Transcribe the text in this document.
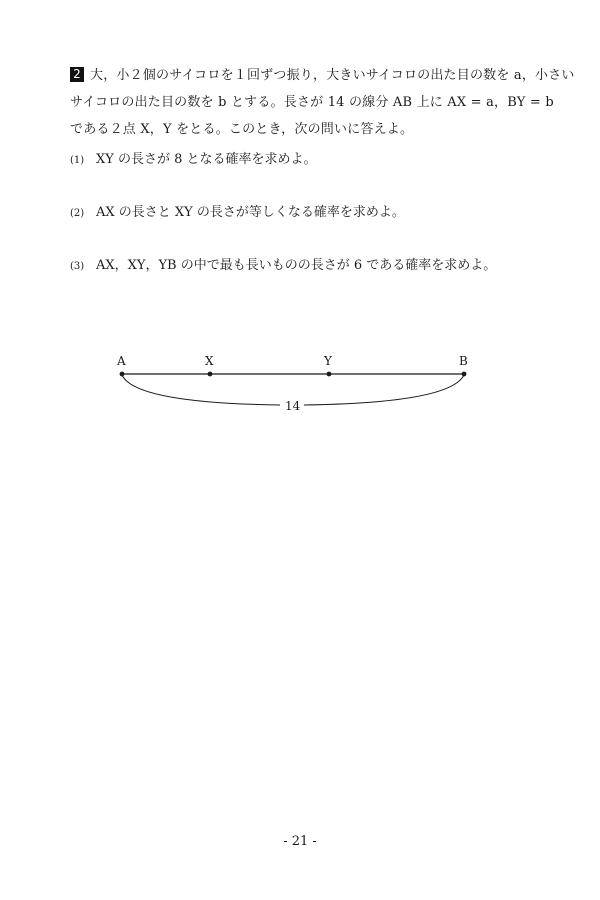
2 大，小２個のサイコロを１回ずつ振り，大きいサイコロの出た目の数を a，小さい
サイコロの出た目の数を b とする。長さが 14 の線分 AB 上に AX = a，BY = b
である２点 X，Y をとる。このとき，次の問いに答えよ。
(1) XY の長さが 8 となる確率を求めよ。
(2) AX の長さと XY の長さが等しくなる確率を求めよ。
(3) AX，XY，YB の中で最も長いものの長さが 6 である確率を求めよ。
A	X	Y	B
14
- 21 -
